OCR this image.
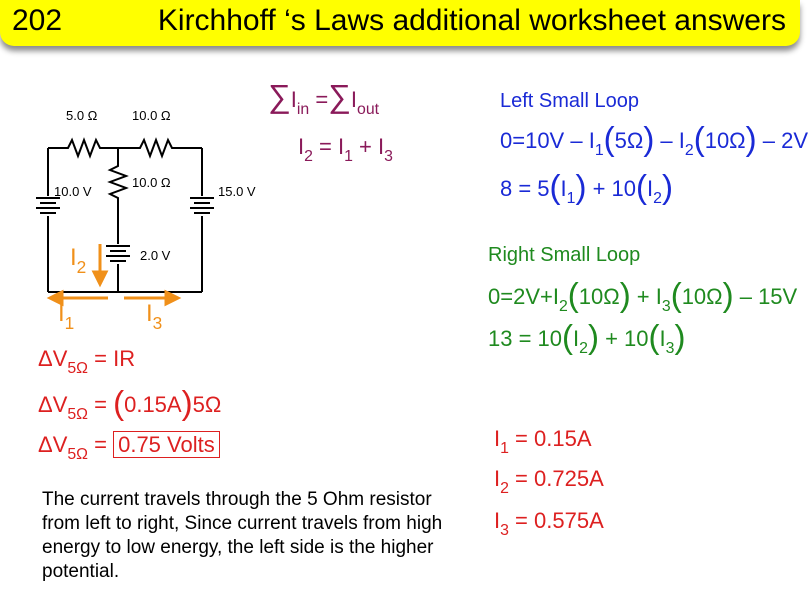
202	Kirchhoff ‘s Laws additional worksheet answers
5.0 Ω	10.0 Ω
10.0 Ω
10.0 V
2.0 V
15.0 V
$I_2$
$I_1$	$I_3$
$\sum I_{in} =\sum I_{out}$
$I_2 = I_1 + I_3$
Left Small Loop
$0=10V - I_1(5\Omega) - I_2(10\Omega) - 2V$
$8 = 5(I_1) + 10(I_2)$
Right Small Loop
$0=2V+I_2(10\Omega) + I_3(10\Omega) - 15V$
$13 = 10(I_2) + 10(I_3)$
$\Delta V_{5\Omega}$ = IR
$\Delta V_{5\Omega} = (0.15A)5\Omega$
$\Delta V_{5\Omega} = 0.75$ Volts	$I_1 = 0.15A$
$I_2 = 0.725A$
$I_3 = 0.575A$
The current travels through the 5 Ohm resistor from left to right, Since current travels from high energy to low energy, the left side is the higher potential.
